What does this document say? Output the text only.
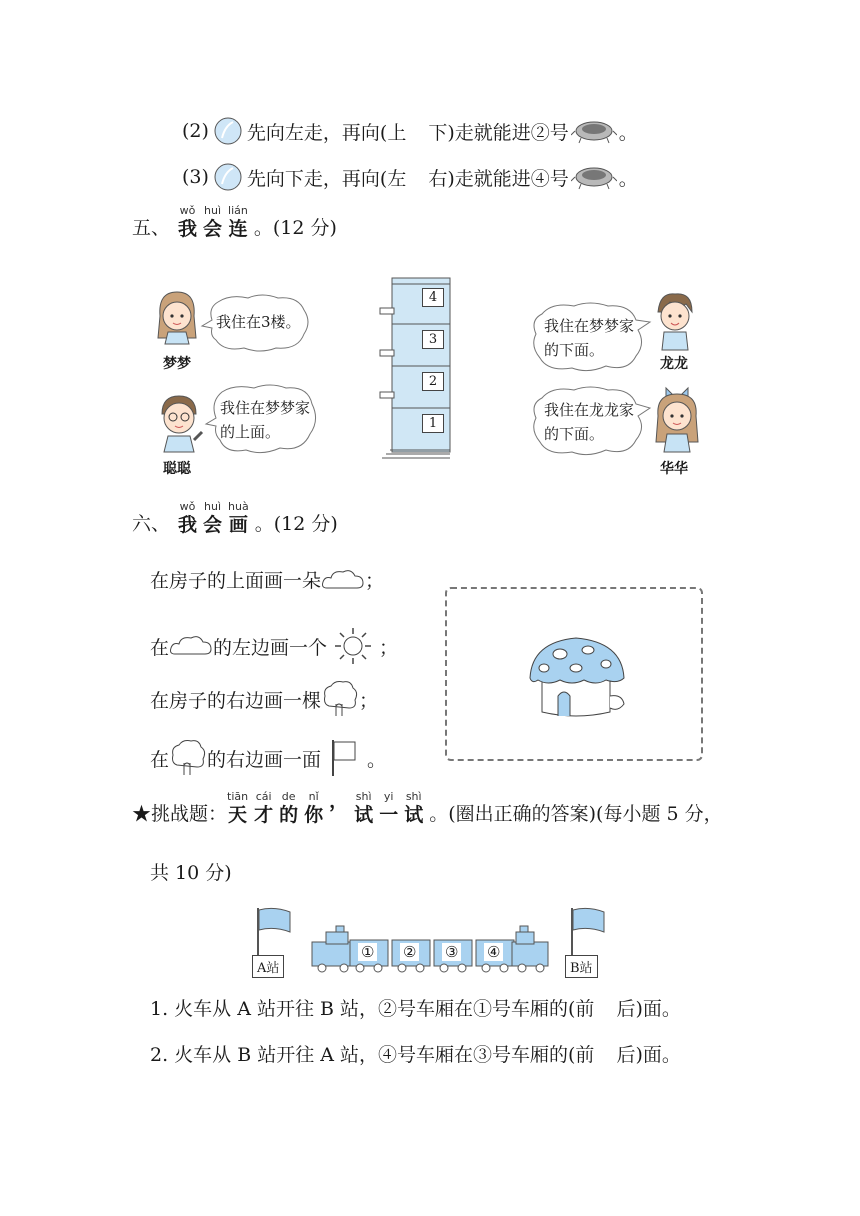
(2) 先向左走，再向(上 下)走就能进②号	。
(3) 先向下走，再向(左 右)走就能进④号	。
五、
wǒ
我
huì
会
lián
连 。(12 分)
梦梦
我住在3楼。
聪聪
我住在梦梦家的上面。
4
3
2
1
我住在梦梦家的下面。
龙龙
我住在龙龙家的下面。
华华
六、
wǒ
我
huì
会
huà
画 。(12 分)
在房子的上面画一朵 ；
在 的左边画一个	；
在房子的右边画一棵 ；
在 的右边画一面 。
★挑战题：
tiān
天
cái
才
de
的
nǐ
你
， shì
试
yi
一
shì
试 。(圈出正确的答案)(每小题 5 分，
共 10 分)
A站	B站
① ② ③ ④
1. 火车从 A 站开往 B 站，②号车厢在①号车厢的(前 后)面。
2. 火车从 B 站开往 A 站，④号车厢在③号车厢的(前 后)面。
